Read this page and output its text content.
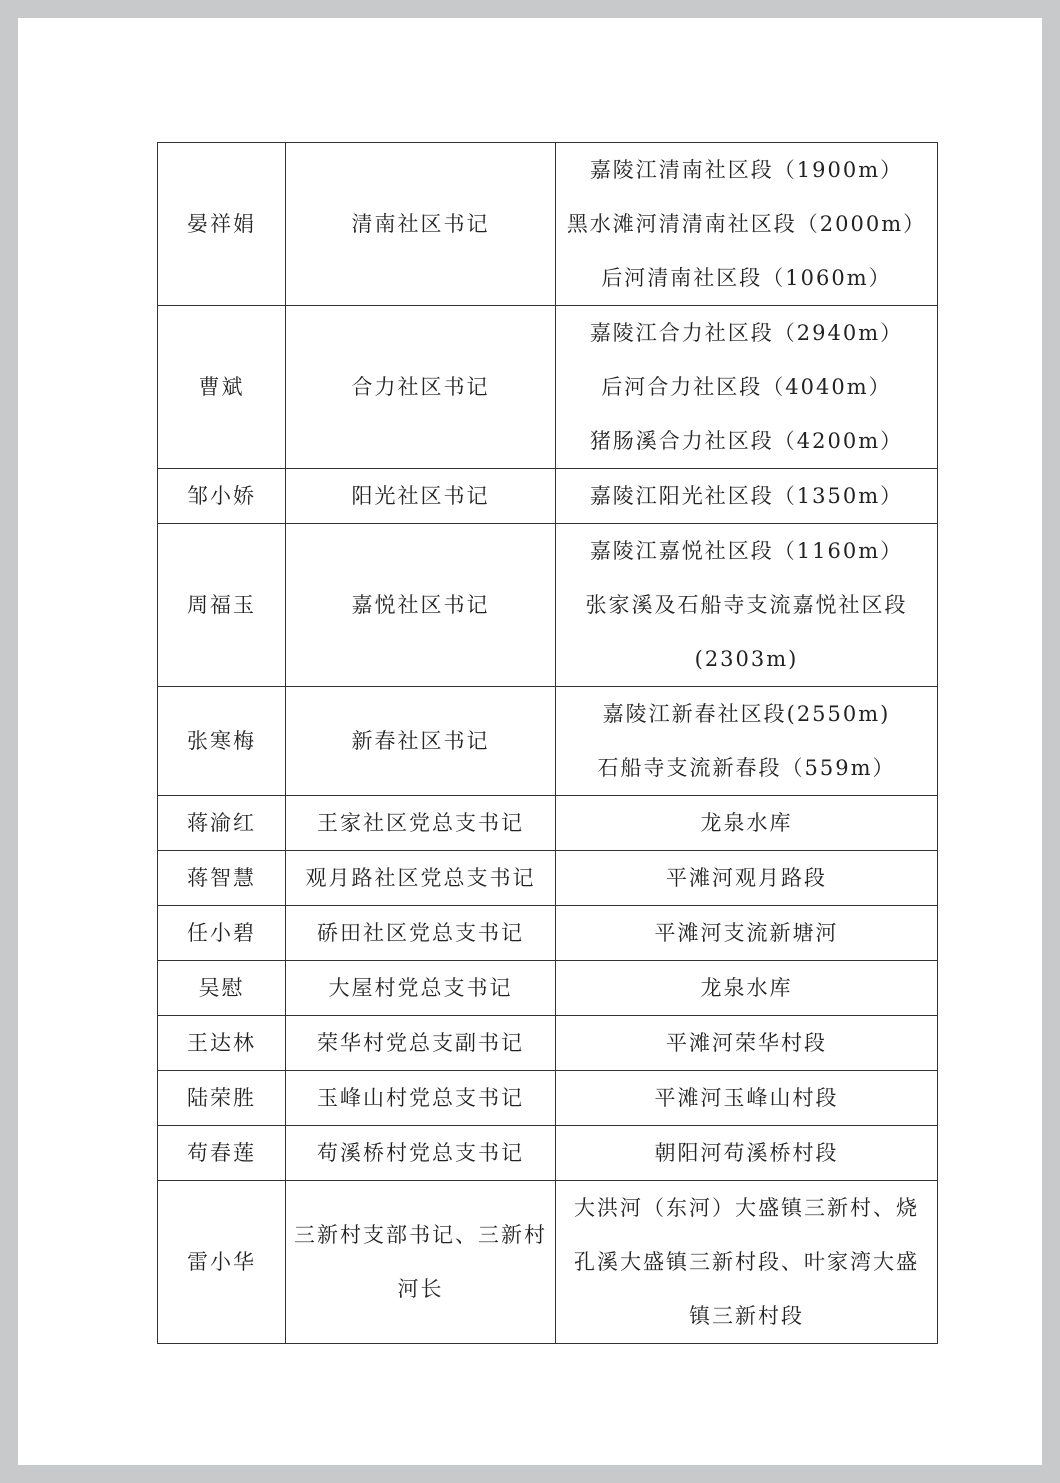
晏祥娟	清南社区书记	嘉陵江清南社区段（1900m）
黑水滩河清清南社区段（2000m）
后河清南社区段（1060m）

曹斌	合力社区书记	嘉陵江合力社区段（2940m）
后河合力社区段（4040m）
猪肠溪合力社区段（4200m）

邹小娇	阳光社区书记	嘉陵江阳光社区段（1350m）

周福玉	嘉悦社区书记	嘉陵江嘉悦社区段（1160m）
张家溪及石船寺支流嘉悦社区段
(2303m)

张寒梅	新春社区书记	嘉陵江新春社区段(2550m)
石船寺支流新春段（559m）

蒋渝红	王家社区党总支书记	龙泉水库

蒋智慧	观月路社区党总支书记	平滩河观月路段

任小碧	硚田社区党总支书记	平滩河支流新塘河

吴慰	大屋村党总支书记	龙泉水库

王达林	荣华村党总支副书记	平滩河荣华村段

陆荣胜	玉峰山村党总支书记	平滩河玉峰山村段

苟春莲	苟溪桥村党总支书记	朝阳河苟溪桥村段

雷小华	三新村支部书记、三新村河长	大洪河（东河）大盛镇三新村、烧孔溪大盛镇三新村段、叶家湾大盛镇三新村段
